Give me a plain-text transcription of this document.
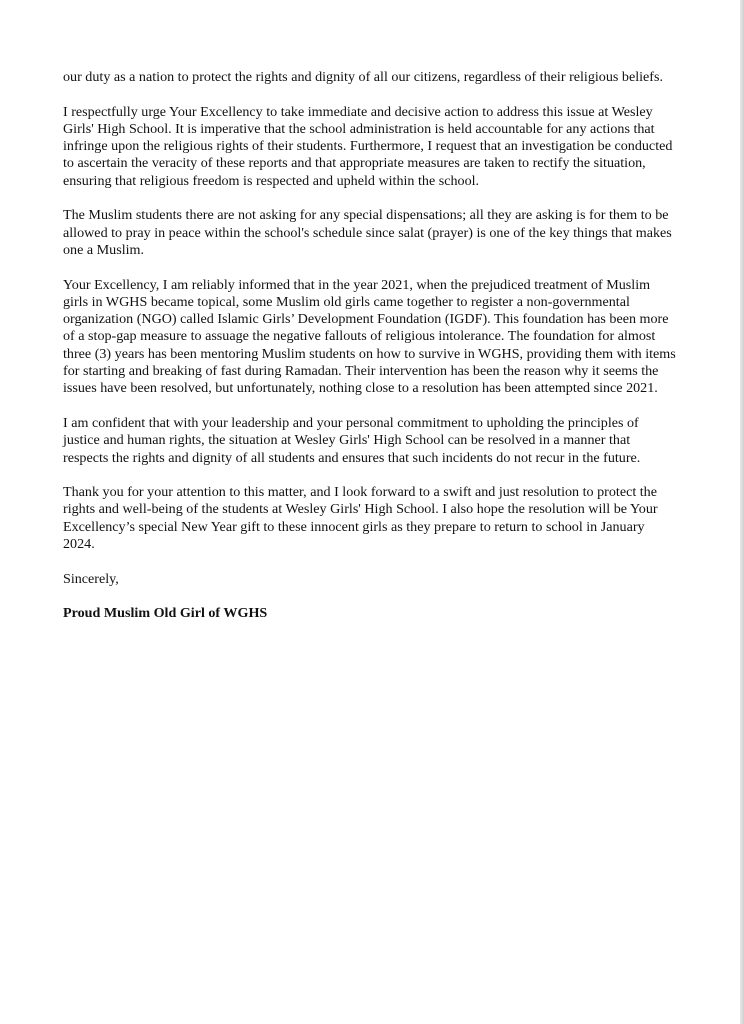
our duty as a nation to protect the rights and dignity of all our citizens, regardless of their religious beliefs.

I respectfully urge Your Excellency to take immediate and decisive action to address this issue at Wesley Girls' High School. It is imperative that the school administration is held accountable for any actions that infringe upon the religious rights of their students. Furthermore, I request that an investigation be conducted to ascertain the veracity of these reports and that appropriate measures are taken to rectify the situation, ensuring that religious freedom is respected and upheld within the school.

The Muslim students there are not asking for any special dispensations; all they are asking is for them to be allowed to pray in peace within the school's schedule since salat (prayer) is one of the key things that makes one a Muslim.

Your Excellency, I am reliably informed that in the year 2021, when the prejudiced treatment of Muslim girls in WGHS became topical, some Muslim old girls came together to register a non-governmental organization (NGO) called Islamic Girls’ Development Foundation (IGDF). This foundation has been more of a stop-gap measure to assuage the negative fallouts of religious intolerance. The foundation for almost three (3) years has been mentoring Muslim students on how to survive in WGHS, providing them with items for starting and breaking of fast during Ramadan. Their intervention has been the reason why it seems the issues have been resolved, but unfortunately, nothing close to a resolution has been attempted since 2021.

I am confident that with your leadership and your personal commitment to upholding the principles of justice and human rights, the situation at Wesley Girls' High School can be resolved in a manner that respects the rights and dignity of all students and ensures that such incidents do not recur in the future.

Thank you for your attention to this matter, and I look forward to a swift and just resolution to protect the rights and well-being of the students at Wesley Girls' High School. I also hope the resolution will be Your Excellency’s special New Year gift to these innocent girls as they prepare to return to school in January 2024.

Sincerely,

Proud Muslim Old Girl of WGHS
